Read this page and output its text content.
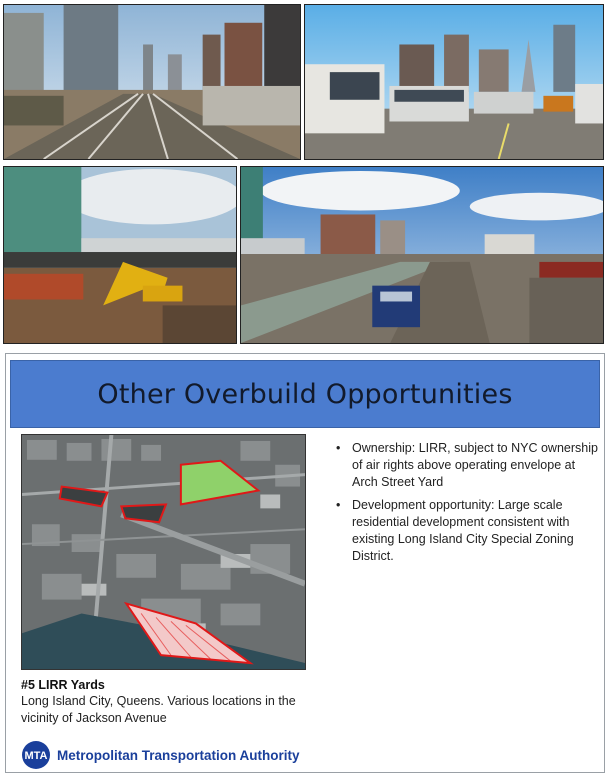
Other Overbuild Opportunities
• Ownership: LIRR, subject to NYC ownership of air rights above operating envelope at Arch Street Yard
• Development opportunity: Large scale residential development consistent with existing Long Island City Special Zoning District.

#5 LIRR Yards

Long Island City, Queens. Various locations in the vicinity of Jackson Avenue

MTA Metropolitan Transportation Authority
